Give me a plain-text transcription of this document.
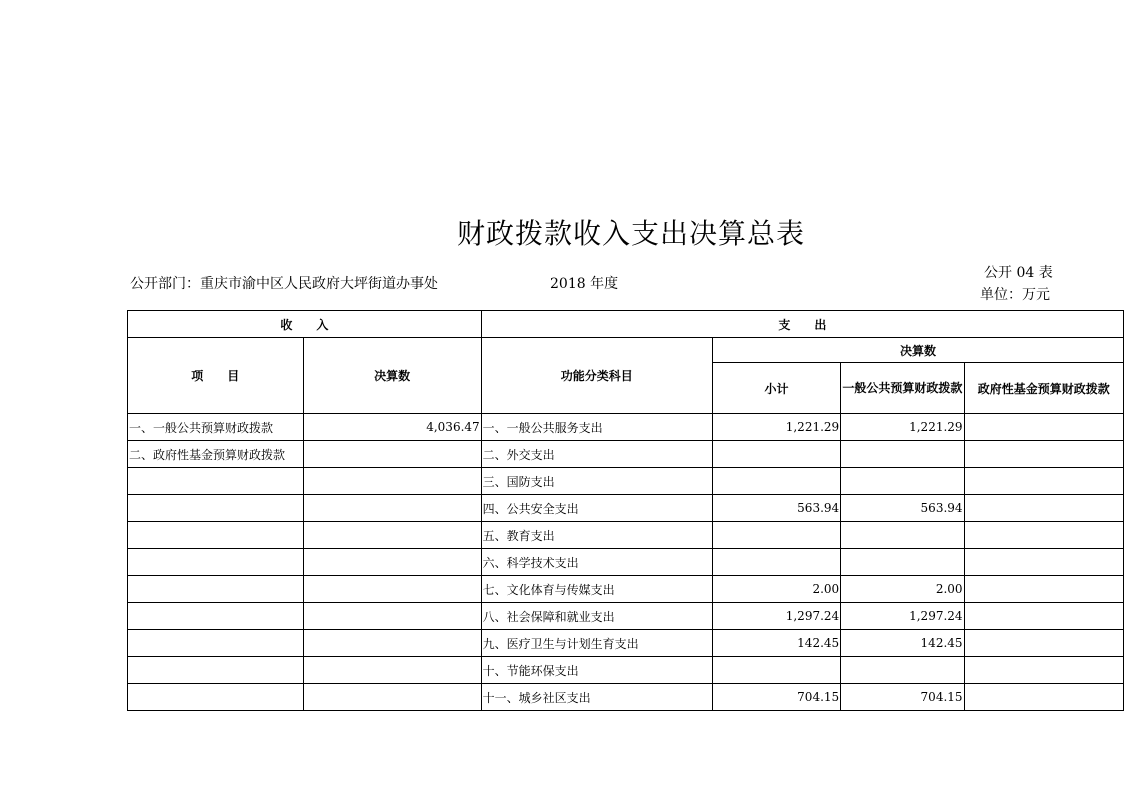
财政拨款收入支出决算总表
公开部门：重庆市渝中区人民政府大坪街道办事处	2018 年度
公开 04 表
单位：万元
收　　入		支　　出			
项　　目	决算数	功能分类科目	决算数		
			小计	一般公共预算财政拨款	政府性基金预算财政拨款
一、一般公共预算财政拨款	4,036.47	一、一般公共服务支出	1,221.29	1,221.29	
二、政府性基金预算财政拨款		二、外交支出			
		三、国防支出			
		四、公共安全支出	563.94	563.94	
		五、教育支出			
		六、科学技术支出			
		七、文化体育与传媒支出	2.00	2.00	
		八、社会保障和就业支出	1,297.24	1,297.24	
		九、医疗卫生与计划生育支出	142.45	142.45	
		十、节能环保支出			
		十一、城乡社区支出	704.15	704.15	
